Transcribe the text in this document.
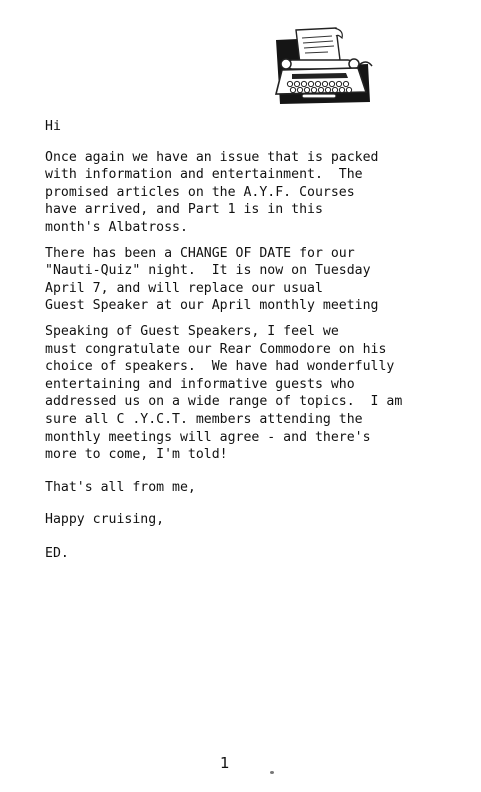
Hi
Once again we have an issue that is packed
with information and entertainment.  The
promised articles on the A.Y.F. Courses
have arrived, and Part 1 is in this
month's Albatross.
There has been a CHANGE OF DATE for our
"Nauti-Quiz" night.  It is now on Tuesday
April 7, and will replace our usual
Guest Speaker at our April monthly meeting
Speaking of Guest Speakers, I feel we
must congratulate our Rear Commodore on his
choice of speakers.  We have had wonderfully
entertaining and informative guests who
addressed us on a wide range of topics.  I am
sure all C .Y.C.T. members attending the
monthly meetings will agree - and there's
more to come, I'm told!
That's all from me,
Happy cruising,
ED.
1
